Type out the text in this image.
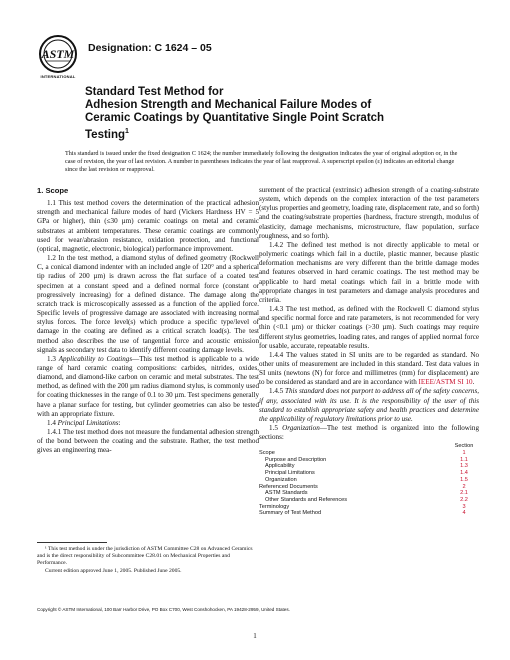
ASTM
INTERNATIONAL
Designation: C 1624 – 05
Standard Test Method for
Adhesion Strength and Mechanical Failure Modes of
Ceramic Coatings by Quantitative Single Point Scratch
Testing$^1$
This standard is issued under the fixed designation C 1624; the number immediately following the designation indicates the year of original adoption or, in the case of revision, the year of last revision. A number in parentheses indicates the year of last reapproval. A superscript epsilon (ε) indicates an editorial change since the last revision or reapproval.

1. Scope

1.1 This test method covers the determination of the practical adhesion strength and mechanical failure modes of hard (Vickers Hardness HV = 5 GPa or higher), thin (≤30 µm) ceramic coatings on metal and ceramic substrates at ambient temperatures. These ceramic coatings are commonly used for wear/abrasion resistance, oxidation protection, and functional (optical, magnetic, electronic, biological) performance improvement.

1.2 In the test method, a diamond stylus of defined geometry (Rockwell C, a conical diamond indenter with an included angle of 120° and a spherical tip radius of 200 µm) is drawn across the flat surface of a coated test specimen at a constant speed and a defined normal force (constant or progressively increasing) for a defined distance. The damage along the scratch track is microscopically assessed as a function of the applied force. Specific levels of progressive damage are associated with increasing normal stylus forces. The force level(s) which produce a specific type/level of damage in the coating are defined as a critical scratch load(s). The test method also describes the use of tangential force and acoustic emission signals as secondary test data to identify different coating damage levels.

1.3 Applicability to Coatings—This test method is applicable to a wide range of hard ceramic coating compositions: carbides, nitrides, oxides, diamond, and diamond-like carbon on ceramic and metal substrates. The test method, as defined with the 200 µm radius diamond stylus, is commonly used for coating thicknesses in the range of 0.1 to 30 µm. Test specimens generally have a planar surface for testing, but cylinder geometries can also be tested with an appropriate fixture.

1.4 Principal Limitations:

1.4.1 The test method does not measure the fundamental adhesion strength of the bond between the coating and the substrate. Rather, the test method gives an engineering mea-

surement of the practical (extrinsic) adhesion strength of a coating-substrate system, which depends on the complex interaction of the test parameters (stylus properties and geometry, loading rate, displacement rate, and so forth) and the coating/substrate properties (hardness, fracture strength, modulus of elasticity, damage mechanisms, microstructure, flaw population, surface roughness, and so forth).

1.4.2 The defined test method is not directly applicable to metal or polymeric coatings which fail in a ductile, plastic manner, because plastic deformation mechanisms are very different than the brittle damage modes and features observed in hard ceramic coatings. The test method may be applicable to hard metal coatings which fail in a brittle mode with appropriate changes in test parameters and damage analysis procedures and criteria.

1.4.3 The test method, as defined with the Rockwell C diamond stylus and specific normal force and rate parameters, is not recommended for very thin (<0.1 µm) or thicker coatings (>30 µm). Such coatings may require different stylus geometries, loading rates, and ranges of applied normal force for usable, accurate, repeatable results.

1.4.4 The values stated in SI units are to be regarded as standard. No other units of measurement are included in this standard. Test data values in SI units (newtons (N) for force and millimetres (mm) for displacement) are to be considered as standard and are in accordance with IEEE/ASTM SI 10.

1.4.5 This standard does not purport to address all of the safety concerns, if any, associated with its use. It is the responsibility of the user of this standard to establish appropriate safety and health practices and determine the applicability of regulatory limitations prior to use.

1.5 Organization—The test method is organized into the following sections:

Section
Scope	1
Purpose and Description	1.1
Applicability	1.3
Principal Limitations	1.4
Organization	1.5
Referenced Documents	2
ASTM Standards	2.1
Other Standards and References	2.2
Terminology	3
Summary of Test Method	4

¹ This test method is under the jurisdiction of ASTM Committee C28 on Advanced Ceramics and is the direct responsibility of Subcommittee C28.01 on Mechanical Properties and Performance.

Current edition approved June 1, 2005. Published June 2005.

Copyright © ASTM International, 100 Barr Harbor Drive, PO Box C700, West Conshohocken, PA 19428-2959, United States.
1
